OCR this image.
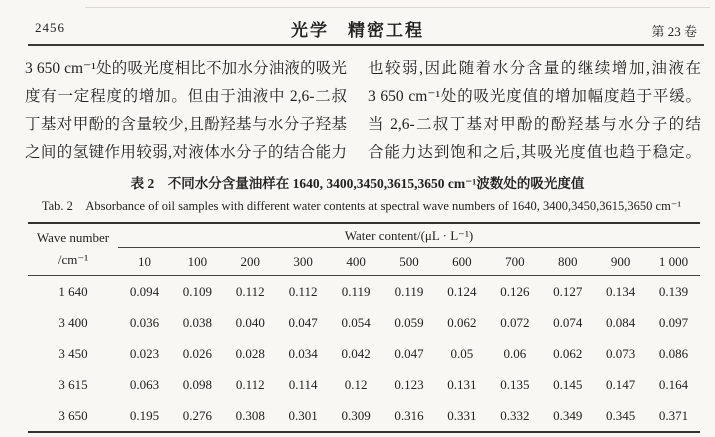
2456	光学　精密工程	第 23 卷
3 650 cm⁻¹处的吸光度相比不加水分油液的吸光
度有一定程度的增加。但由于油液中 2,6-二叔
丁基对甲酚的含量较少,且酚羟基与水分子羟基
之间的氢键作用较弱,对液体水分子的结合能力
也较弱,因此随着水分含量的继续增加,油液在
3 650 cm⁻¹处的吸光度值的增加幅度趋于平缓。
当 2,6-二叔丁基对甲酚的酚羟基与水分子的结
合能力达到饱和之后,其吸光度值也趋于稳定。
表 2　不同水分含量油样在 1640, 3400,3450,3615,3650 cm⁻¹波数处的吸光度值
Tab. 2　Absorbance of oil samples with different water contents at spectral wave numbers of 1640, 3400,3450,3615,3650 cm⁻¹
Wave number
/cm⁻¹
Water content/(μL · L⁻¹)
10	100	200	300	400	500	600	700	800	900	1 000
1 640	0.094	0.109	0.112	0.112	0.119	0.119	0.124	0.126	0.127	0.134	0.139
3 400	0.036	0.038	0.040	0.047	0.054	0.059	0.062	0.072	0.074	0.084	0.097
3 450	0.023	0.026	0.028	0.034	0.042	0.047	0.05	0.06	0.062	0.073	0.086
3 615	0.063	0.098	0.112	0.114	0.12	0.123	0.131	0.135	0.145	0.147	0.164
3 650	0.195	0.276	0.308	0.301	0.309	0.316	0.331	0.332	0.349	0.345	0.371
